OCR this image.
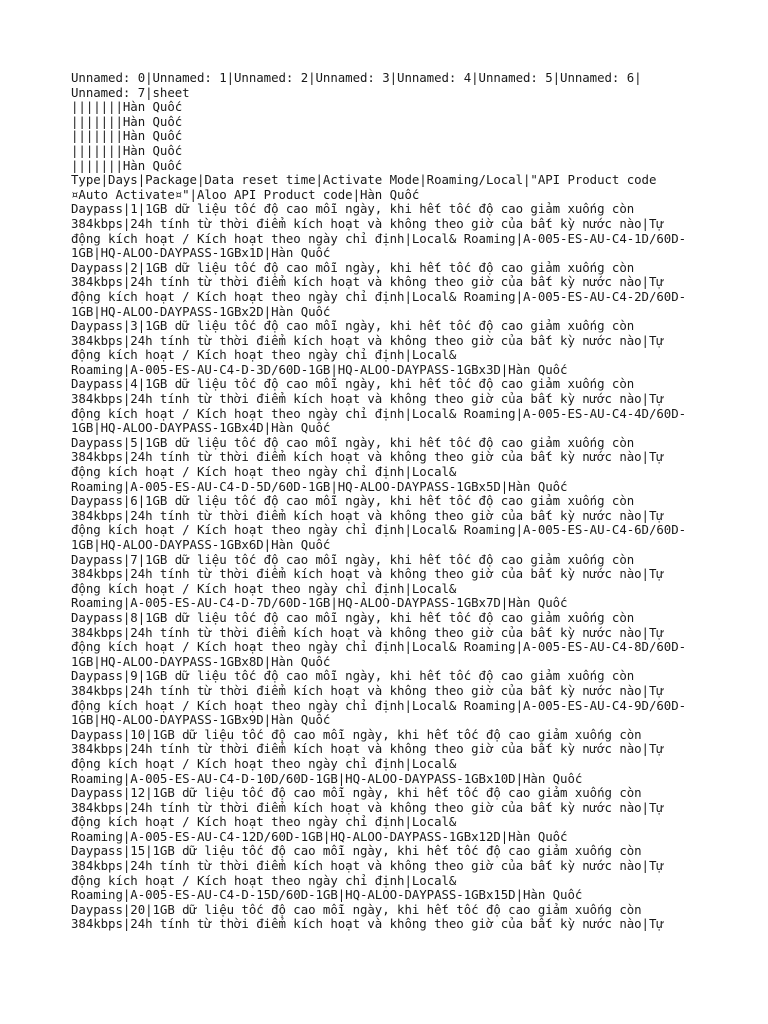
Unnamed: 0|Unnamed: 1|Unnamed: 2|Unnamed: 3|Unnamed: 4|Unnamed: 5|Unnamed: 6|
Unnamed: 7|sheet
|||||||Hàn Quốc
|||||||Hàn Quốc
|||||||Hàn Quốc
|||||||Hàn Quốc
|||||||Hàn Quốc
Type|Days|Package|Data reset time|Activate Mode|Roaming/Local|"API Product code
¤Auto Activate¤"|Aloo API Product code|Hàn Quốc
Daypass|1|1GB dữ liệu tốc độ cao mỗi ngày, khi hết tốc độ cao giảm xuống còn
384kbps|24h tính từ thời điểm kích hoạt và không theo giờ của bất kỳ nước nào|Tự
động kích hoạt / Kích hoạt theo ngày chỉ định|Local& Roaming|A-005-ES-AU-C4-1D/60D-
1GB|HQ-ALOO-DAYPASS-1GBx1D|Hàn Quốc
Daypass|2|1GB dữ liệu tốc độ cao mỗi ngày, khi hết tốc độ cao giảm xuống còn
384kbps|24h tính từ thời điểm kích hoạt và không theo giờ của bất kỳ nước nào|Tự
động kích hoạt / Kích hoạt theo ngày chỉ định|Local& Roaming|A-005-ES-AU-C4-2D/60D-
1GB|HQ-ALOO-DAYPASS-1GBx2D|Hàn Quốc
Daypass|3|1GB dữ liệu tốc độ cao mỗi ngày, khi hết tốc độ cao giảm xuống còn
384kbps|24h tính từ thời điểm kích hoạt và không theo giờ của bất kỳ nước nào|Tự
động kích hoạt / Kích hoạt theo ngày chỉ định|Local&
Roaming|A-005-ES-AU-C4-D-3D/60D-1GB|HQ-ALOO-DAYPASS-1GBx3D|Hàn Quốc
Daypass|4|1GB dữ liệu tốc độ cao mỗi ngày, khi hết tốc độ cao giảm xuống còn
384kbps|24h tính từ thời điểm kích hoạt và không theo giờ của bất kỳ nước nào|Tự
động kích hoạt / Kích hoạt theo ngày chỉ định|Local& Roaming|A-005-ES-AU-C4-4D/60D-
1GB|HQ-ALOO-DAYPASS-1GBx4D|Hàn Quốc
Daypass|5|1GB dữ liệu tốc độ cao mỗi ngày, khi hết tốc độ cao giảm xuống còn
384kbps|24h tính từ thời điểm kích hoạt và không theo giờ của bất kỳ nước nào|Tự
động kích hoạt / Kích hoạt theo ngày chỉ định|Local&
Roaming|A-005-ES-AU-C4-D-5D/60D-1GB|HQ-ALOO-DAYPASS-1GBx5D|Hàn Quốc
Daypass|6|1GB dữ liệu tốc độ cao mỗi ngày, khi hết tốc độ cao giảm xuống còn
384kbps|24h tính từ thời điểm kích hoạt và không theo giờ của bất kỳ nước nào|Tự
động kích hoạt / Kích hoạt theo ngày chỉ định|Local& Roaming|A-005-ES-AU-C4-6D/60D-
1GB|HQ-ALOO-DAYPASS-1GBx6D|Hàn Quốc
Daypass|7|1GB dữ liệu tốc độ cao mỗi ngày, khi hết tốc độ cao giảm xuống còn
384kbps|24h tính từ thời điểm kích hoạt và không theo giờ của bất kỳ nước nào|Tự
động kích hoạt / Kích hoạt theo ngày chỉ định|Local&
Roaming|A-005-ES-AU-C4-D-7D/60D-1GB|HQ-ALOO-DAYPASS-1GBx7D|Hàn Quốc
Daypass|8|1GB dữ liệu tốc độ cao mỗi ngày, khi hết tốc độ cao giảm xuống còn
384kbps|24h tính từ thời điểm kích hoạt và không theo giờ của bất kỳ nước nào|Tự
động kích hoạt / Kích hoạt theo ngày chỉ định|Local& Roaming|A-005-ES-AU-C4-8D/60D-
1GB|HQ-ALOO-DAYPASS-1GBx8D|Hàn Quốc
Daypass|9|1GB dữ liệu tốc độ cao mỗi ngày, khi hết tốc độ cao giảm xuống còn
384kbps|24h tính từ thời điểm kích hoạt và không theo giờ của bất kỳ nước nào|Tự
động kích hoạt / Kích hoạt theo ngày chỉ định|Local& Roaming|A-005-ES-AU-C4-9D/60D-
1GB|HQ-ALOO-DAYPASS-1GBx9D|Hàn Quốc
Daypass|10|1GB dữ liệu tốc độ cao mỗi ngày, khi hết tốc độ cao giảm xuống còn
384kbps|24h tính từ thời điểm kích hoạt và không theo giờ của bất kỳ nước nào|Tự
động kích hoạt / Kích hoạt theo ngày chỉ định|Local&
Roaming|A-005-ES-AU-C4-D-10D/60D-1GB|HQ-ALOO-DAYPASS-1GBx10D|Hàn Quốc
Daypass|12|1GB dữ liệu tốc độ cao mỗi ngày, khi hết tốc độ cao giảm xuống còn
384kbps|24h tính từ thời điểm kích hoạt và không theo giờ của bất kỳ nước nào|Tự
động kích hoạt / Kích hoạt theo ngày chỉ định|Local&
Roaming|A-005-ES-AU-C4-12D/60D-1GB|HQ-ALOO-DAYPASS-1GBx12D|Hàn Quốc
Daypass|15|1GB dữ liệu tốc độ cao mỗi ngày, khi hết tốc độ cao giảm xuống còn
384kbps|24h tính từ thời điểm kích hoạt và không theo giờ của bất kỳ nước nào|Tự
động kích hoạt / Kích hoạt theo ngày chỉ định|Local&
Roaming|A-005-ES-AU-C4-D-15D/60D-1GB|HQ-ALOO-DAYPASS-1GBx15D|Hàn Quốc
Daypass|20|1GB dữ liệu tốc độ cao mỗi ngày, khi hết tốc độ cao giảm xuống còn
384kbps|24h tính từ thời điểm kích hoạt và không theo giờ của bất kỳ nước nào|Tự
